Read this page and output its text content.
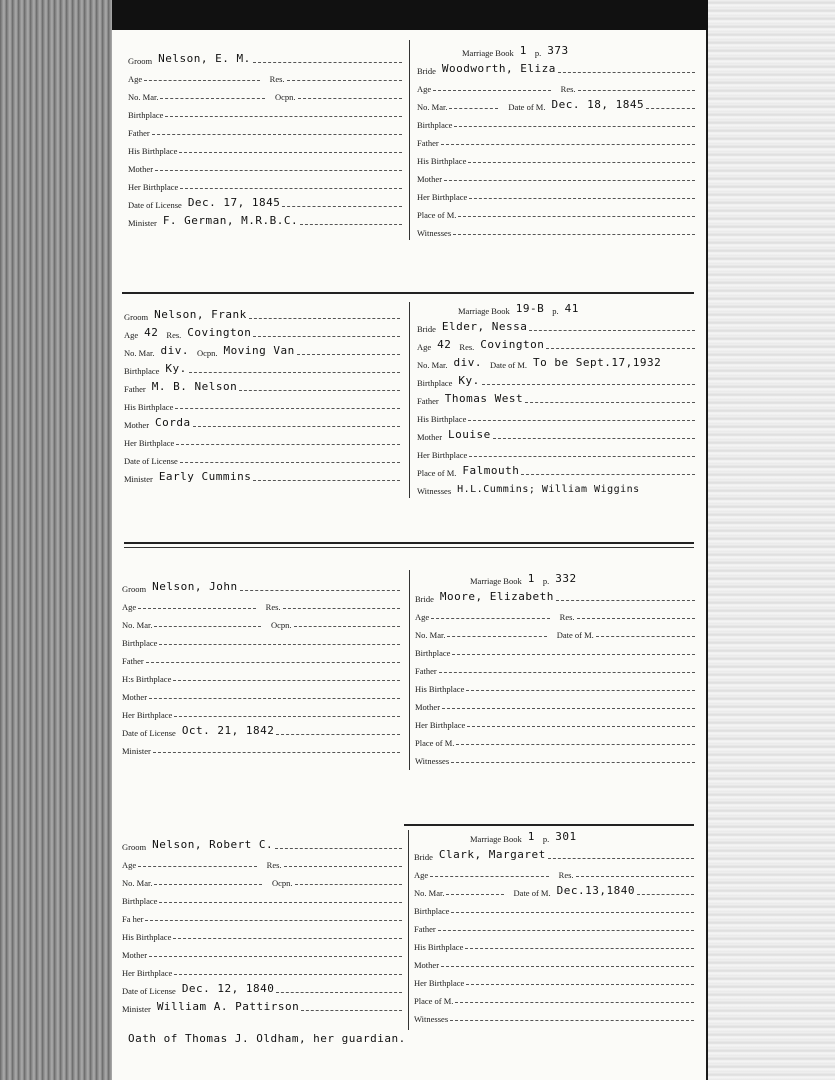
Groom Nelson, E. M.
Age	Res.
No. Mar.	Ocpn.
Birthplace
Father
His Birthplace
Mother
Her Birthplace
Date of License Dec. 17, 1845
Minister F. German, M.R.B.C.
Marriage Book 1 p. 373
Bride Woodworth, Eliza
Age	Res.
No. Mar.	Date of M. Dec. 18, 1845
Birthplace
Father
His Birthplace
Mother
Her Birthplace
Place of M.
Witnesses
Groom Nelson, Frank
Age 42 Res. Covington
No. Mar. div. Ocpn. Moving Van
Birthplace Ky.
Father M. B. Nelson
His Birthplace
Mother Corda
Her Birthplace
Date of License
Minister Early Cummins
Marriage Book 19-B p. 41
Bride Elder, Nessa
Age 42 Res. Covington
No. Mar. div. Date of M. To be Sept.17,1932
Birthplace Ky.
Father Thomas West
His Birthplace
Mother Louise
Her Birthplace
Place of M. Falmouth
Witnesses H.L.Cummins; William Wiggins
Groom Nelson, John
Age	Res.
No. Mar.	Ocpn.
Birthplace
Father
H:s Birthplace
Mother
Her Birthplace
Date of License Oct. 21, 1842
Minister
Marriage Book 1 p. 332
Bride Moore, Elizabeth
Age	Res.
No. Mar.	Date of M.
Birthplace
Father
His Birthplace
Mother
Her Birthplace
Place of M.
Witnesses
Groom Nelson, Robert C.
Age	Res.
No. Mar.	Ocpn.
Birthplace
Fa her
His Birthplace
Mother
Her Birthplace
Date of License Dec. 12, 1840
Minister William A. Pattirson
Marriage Book 1 p. 301
Bride Clark, Margaret
Age	Res.
No. Mar.	Date of M. Dec.13,1840
Birthplace
Father
His Birthplace
Mother
Her Birthplace
Place of M.
Witnesses
Oath of Thomas J. Oldham, her guardian.
